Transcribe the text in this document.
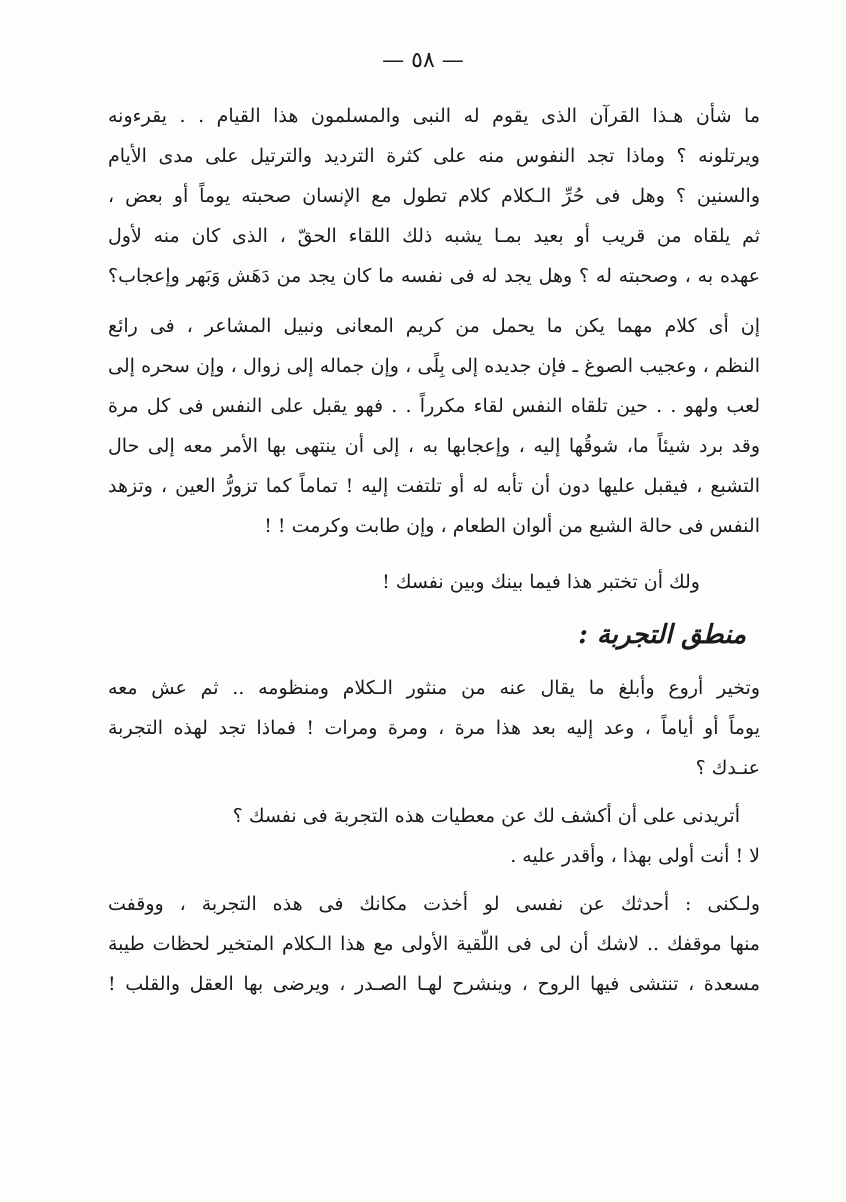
— ٥٨ —
ما شأن هـذا القرآن الذى يقوم له النبى والمسلمون هذا القيام . . يقرءونه
ويرتلونه ؟ وماذا تجد النفوس منه على كثرة الترديد والترتيل على مدى الأيام
والسنين ؟ وهل فى حُرِّ الـكلام كلام تطول مع الإنسان صحبته يوماً أو بعض ،
ثم يلقاه من قريب أو بعيد بمـا يشبه ذلك اللقاء الحقّ ، الذى كان منه لأول
عهده به ، وصحبته له ؟ وهل يجد له فى نفسه ما كان يجد من دَهَش وَبَهر وإعجاب؟
إن أى كلام مهما يكن ما يحمل من كريم المعانى ونبيل المشاعر ، فى رائع
النظم ، وعجيب الصوغ ـ فإن جديده إلى بِلًى ، وإن جماله إلى زوال ، وإن سحره إلى
لعب ولهو . . حين تلقاه النفس لقاء مكرراً . . فهو يقبل على النفس فى كل مرة
وقد برد شيئاً ما، شوقُها إليه ، وإعجابها به ، إلى أن ينتهى بها الأمر معه إلى حال
التشبع ، فيقبل عليها دون أن تأبه له أو تلتفت إليه ! تماماً كما تزورُّ العين ، وتزهد
النفس فى حالة الشبع من ألوان الطعام ، وإن طابت وكرمت ! !
ولك أن تختبر هذا فيما بينك وبين نفسك !
منطق التجربة :
وتخير أروع وأبلغ ما يقال عنه من منثور الـكلام ومنظومه .. ثم عش معه
يوماً أو أياماً ، وعد إليه بعد هذا مرة ، ومرة ومرات ! فماذا تجد لهذه التجربة
عنـدك ؟
أتريدنى على أن أكشف لك عن معطيات هذه التجربة فى نفسك ؟
لا ! أنت أولى بهذا ، وأقدر عليه .
ولـكنى : أحدثك عن نفسى لو أخذت مكانك فى هذه التجربة ، ووقفت
منها موقفك .. لاشك أن لى فى اللّقية الأولى مع هذا الـكلام المتخير لحظات طيبة
مسعدة ، تنتشى فيها الروح ، وينشرح لهـا الصـدر ، ويرضى بها العقل والقلب !
